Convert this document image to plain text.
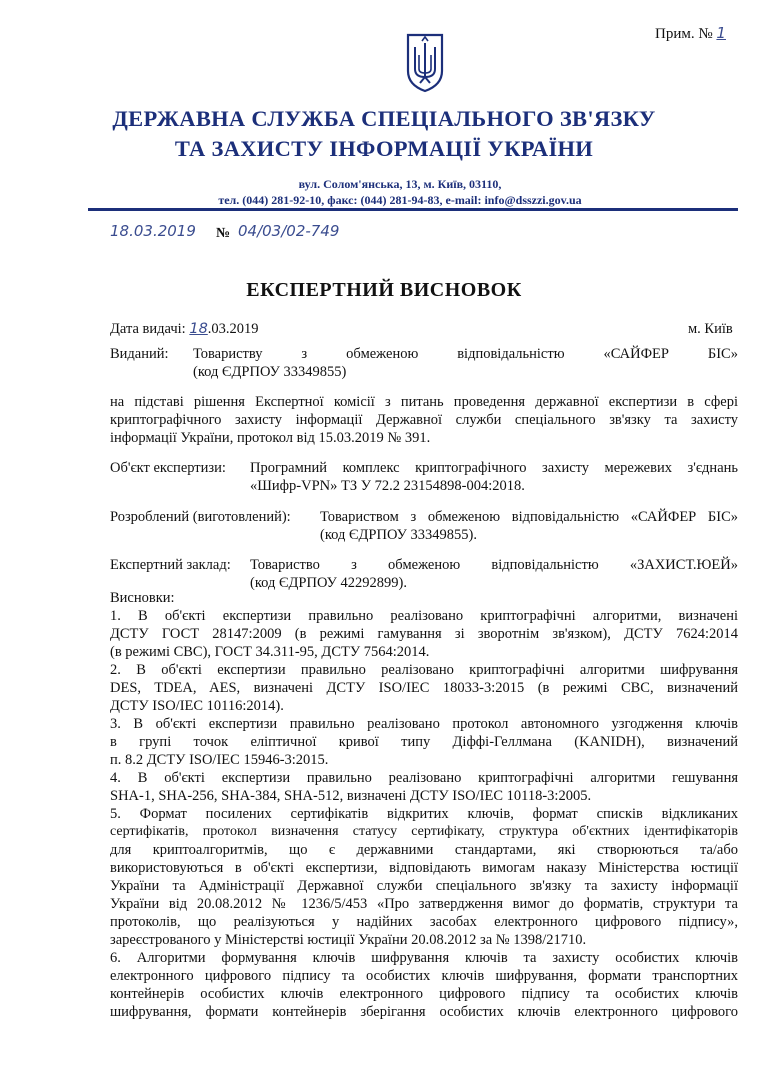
Прим. № 1
ДЕРЖАВНА СЛУЖБА СПЕЦІАЛЬНОГО ЗВ'ЯЗКУ
ТА ЗАХИСТУ ІНФОРМАЦІЇ УКРАЇНИ
вул. Солом'янська, 13, м. Київ, 03110,
тел. (044) 281-92-10, факс: (044) 281-94-83, e-mail: info@dsszzi.gov.ua
18.03.2019 № 04/03/02-749
ЕКСПЕРТНИЙ ВИСНОВОК
Дата видачі: 18.03.2019	м. Київ
Виданий: Товариству	з	обмеженою	відповідальністю	«САЙФЕР	БІС»
(код ЄДРПОУ 33349855)
на підставі рішення Експертної комісії з питань проведення державної експертизи в сфері
криптографічного захисту інформації Державної служби спеціального зв'язку та захисту
інформації України, протокол від 15.03.2019 № 391.
Об'єкт експертизи: Програмний комплекс криптографічного захисту мережевих з'єднань
«Шифр-VPN» ТЗ У 72.2 23154898-004:2018.
Розроблений (виготовлений): Товариством з обмеженою відповідальністю «САЙФЕР БІС»
(код ЄДРПОУ 33349855).
Експертний заклад: Товариство з обмеженою відповідальністю «ЗАХИСТ.ЮЕЙ»
(код ЄДРПОУ 42292899).
Висновки:
1. В об'єкті експертизи правильно реалізовано криптографічні алгоритми, визначені
ДСТУ ГОСТ 28147:2009 (в режимі гамування зі зворотнім зв'язком), ДСТУ 7624:2014
(в режимі СВС), ГОСТ 34.311-95, ДСТУ 7564:2014.
2. В об'єкті експертизи правильно реалізовано криптографічні алгоритми шифрування
DES, TDEA, AES, визначені ДСТУ ISO/IEC 18033-3:2015 (в режимі CBC, визначений
ДСТУ ISO/IEC 10116:2014).
3. В об'єкті експертизи правильно реалізовано протокол автономного узгодження ключів
в групі точок еліптичної кривої типу Діффі-Геллмана (KANIDH), визначений
п. 8.2 ДСТУ ISO/IEC 15946-3:2015.
4. В об'єкті експертизи правильно реалізовано криптографічні алгоритми гешування
SHA-1, SHA-256, SHA-384, SHA-512, визначені ДСТУ ISO/IEC 10118-3:2005.
5. Формат посилених сертифікатів відкритих ключів, формат списків відкликаних
сертифікатів, протокол визначення статусу сертифікату, структура об'єктних ідентифікаторів
для криптоалгоритмів, що є державними стандартами, які створюються та/або
використовуються в об'єкті експертизи, відповідають вимогам наказу Міністерства юстиції
України та Адміністрації Державної служби спеціального зв'язку та захисту інформації
України від 20.08.2012 № 1236/5/453 «Про затвердження вимог до форматів, структури та
протоколів, що реалізуються у надійних засобах електронного цифрового підпису»,
зареєстрованого у Міністерстві юстиції України 20.08.2012 за № 1398/21710.
6. Алгоритми формування ключів шифрування ключів та захисту особистих ключів
електронного цифрового підпису та особистих ключів шифрування, формати транспортних
контейнерів особистих ключів електронного цифрового підпису та особистих ключів
шифрування, формати контейнерів зберігання особистих ключів електронного цифрового
